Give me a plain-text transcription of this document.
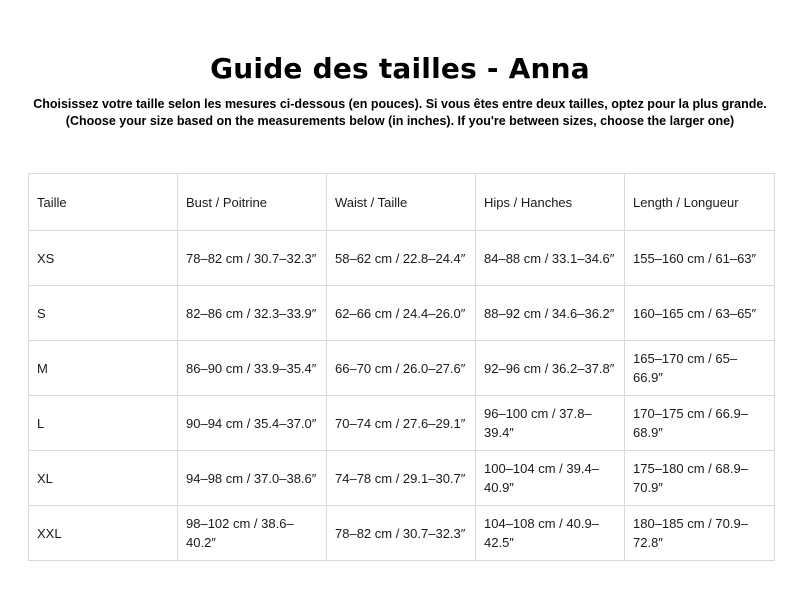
Guide des tailles - Anna
Choisissez votre taille selon les mesures ci-dessous (en pouces). Si vous êtes entre deux tailles, optez pour la plus grande.
(Choose your size based on the measurements below (in inches). If you're between sizes, choose the larger one)
Taille	Bust / Poitrine	Waist / Taille	Hips / Hanches	Length / Longueur
XS	78–82 cm / 30.7–32.3″	58–62 cm / 22.8–24.4″	84–88 cm / 33.1–34.6″	155–160 cm / 61–63″
S	82–86 cm / 32.3–33.9″	62–66 cm / 24.4–26.0″	88–92 cm / 34.6–36.2″	160–165 cm / 63–65″
M	86–90 cm / 33.9–35.4″	66–70 cm / 26.0–27.6″	92–96 cm / 36.2–37.8″	165–170 cm / 65–66.9″
L	90–94 cm / 35.4–37.0″	70–74 cm / 27.6–29.1″	96–100 cm / 37.8–39.4″	170–175 cm / 66.9–68.9″
XL	94–98 cm / 37.0–38.6″	74–78 cm / 29.1–30.7″	100–104 cm / 39.4–40.9″	175–180 cm / 68.9–70.9″
XXL	98–102 cm / 38.6–40.2″	78–82 cm / 30.7–32.3″	104–108 cm / 40.9–42.5″	180–185 cm / 70.9–72.8″
